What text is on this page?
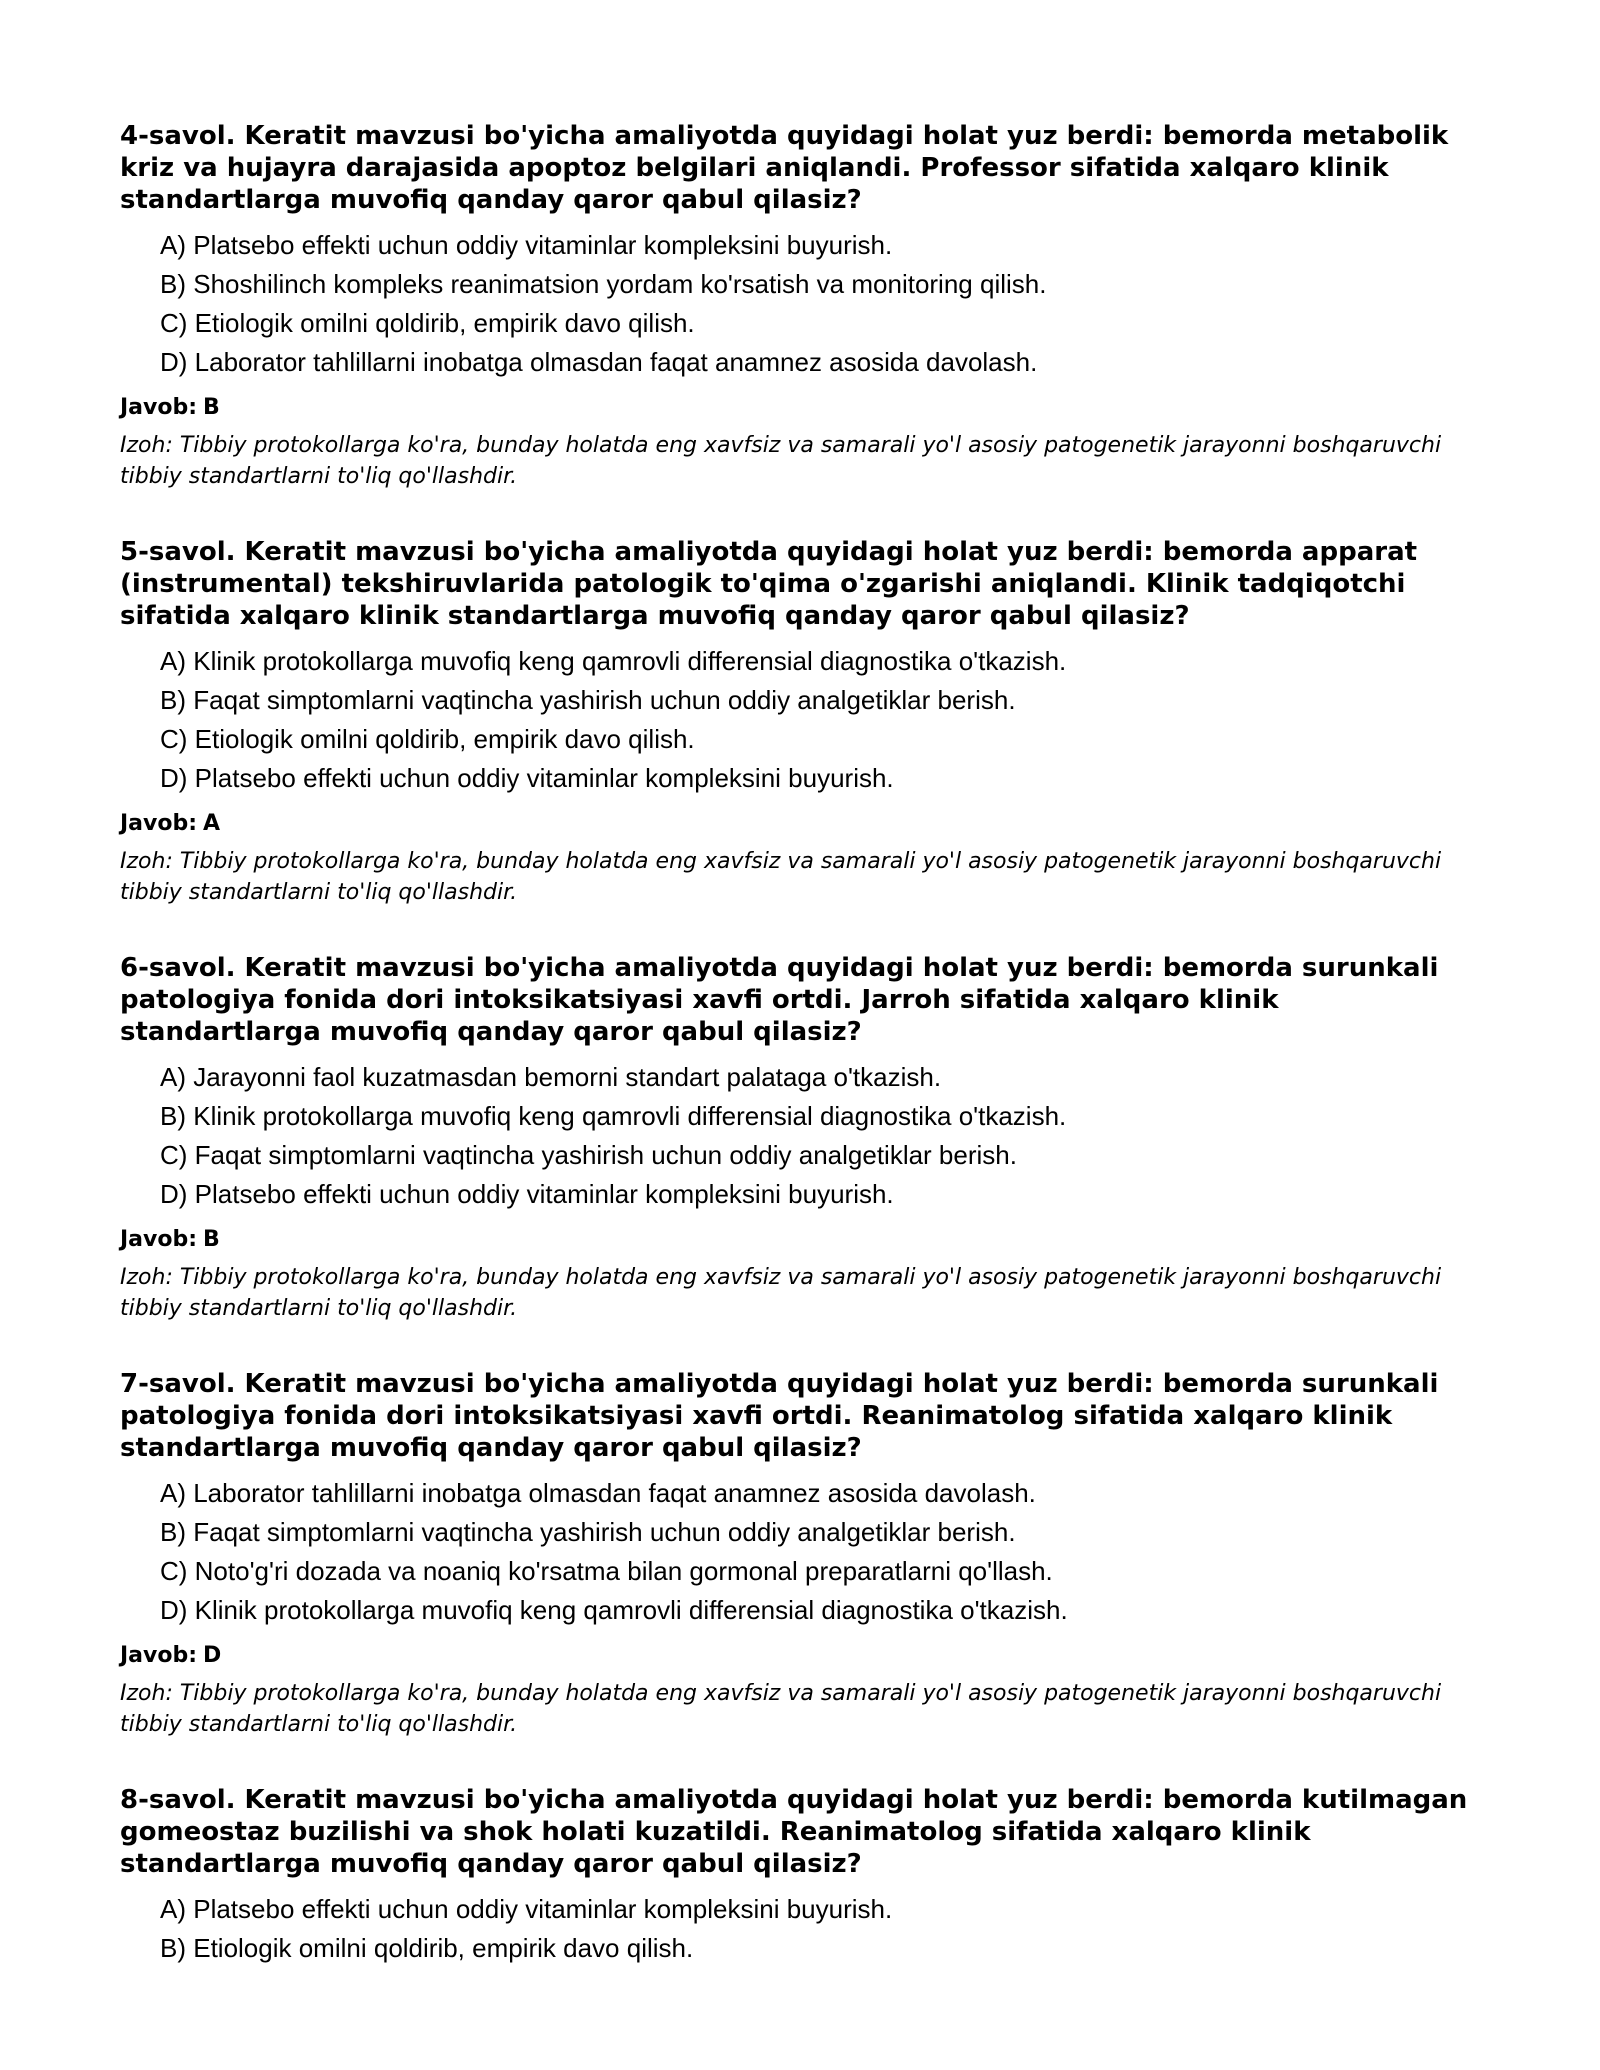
4-savol. Keratit mavzusi bo'yicha amaliyotda quyidagi holat yuz berdi: bemorda metabolik kriz va hujayra darajasida apoptoz belgilari aniqlandi. Professor sifatida xalqaro klinik standartlarga muvofiq qanday qaror qabul qilasiz?
A) Platsebo effekti uchun oddiy vitaminlar kompleksini buyurish.
B) Shoshilinch kompleks reanimatsion yordam ko'rsatish va monitoring qilish.
C) Etiologik omilni qoldirib, empirik davo qilish.
D) Laborator tahlillarni inobatga olmasdan faqat anamnez asosida davolash.
Javob: B
Izoh: Tibbiy protokollarga ko'ra, bunday holatda eng xavfsiz va samarali yo'l asosiy patogenetik jarayonni boshqaruvchi tibbiy standartlarni to'liq qo'llashdir.
5-savol. Keratit mavzusi bo'yicha amaliyotda quyidagi holat yuz berdi: bemorda apparat (instrumental) tekshiruvlarida patologik to'qima o'zgarishi aniqlandi. Klinik tadqiqotchi sifatida xalqaro klinik standartlarga muvofiq qanday qaror qabul qilasiz?
A) Klinik protokollarga muvofiq keng qamrovli differensial diagnostika o'tkazish.
B) Faqat simptomlarni vaqtincha yashirish uchun oddiy analgetiklar berish.
C) Etiologik omilni qoldirib, empirik davo qilish.
D) Platsebo effekti uchun oddiy vitaminlar kompleksini buyurish.
Javob: A
Izoh: Tibbiy protokollarga ko'ra, bunday holatda eng xavfsiz va samarali yo'l asosiy patogenetik jarayonni boshqaruvchi tibbiy standartlarni to'liq qo'llashdir.
6-savol. Keratit mavzusi bo'yicha amaliyotda quyidagi holat yuz berdi: bemorda surunkali patologiya fonida dori intoksikatsiyasi xavfi ortdi. Jarroh sifatida xalqaro klinik standartlarga muvofiq qanday qaror qabul qilasiz?
A) Jarayonni faol kuzatmasdan bemorni standart palataga o'tkazish.
B) Klinik protokollarga muvofiq keng qamrovli differensial diagnostika o'tkazish.
C) Faqat simptomlarni vaqtincha yashirish uchun oddiy analgetiklar berish.
D) Platsebo effekti uchun oddiy vitaminlar kompleksini buyurish.
Javob: B
Izoh: Tibbiy protokollarga ko'ra, bunday holatda eng xavfsiz va samarali yo'l asosiy patogenetik jarayonni boshqaruvchi tibbiy standartlarni to'liq qo'llashdir.
7-savol. Keratit mavzusi bo'yicha amaliyotda quyidagi holat yuz berdi: bemorda surunkali patologiya fonida dori intoksikatsiyasi xavfi ortdi. Reanimatolog sifatida xalqaro klinik standartlarga muvofiq qanday qaror qabul qilasiz?
A) Laborator tahlillarni inobatga olmasdan faqat anamnez asosida davolash.
B) Faqat simptomlarni vaqtincha yashirish uchun oddiy analgetiklar berish.
C) Noto'g'ri dozada va noaniq ko'rsatma bilan gormonal preparatlarni qo'llash.
D) Klinik protokollarga muvofiq keng qamrovli differensial diagnostika o'tkazish.
Javob: D
Izoh: Tibbiy protokollarga ko'ra, bunday holatda eng xavfsiz va samarali yo'l asosiy patogenetik jarayonni boshqaruvchi tibbiy standartlarni to'liq qo'llashdir.
8-savol. Keratit mavzusi bo'yicha amaliyotda quyidagi holat yuz berdi: bemorda kutilmagan gomeostaz buzilishi va shok holati kuzatildi. Reanimatolog sifatida xalqaro klinik standartlarga muvofiq qanday qaror qabul qilasiz?
A) Platsebo effekti uchun oddiy vitaminlar kompleksini buyurish.
B) Etiologik omilni qoldirib, empirik davo qilish.
